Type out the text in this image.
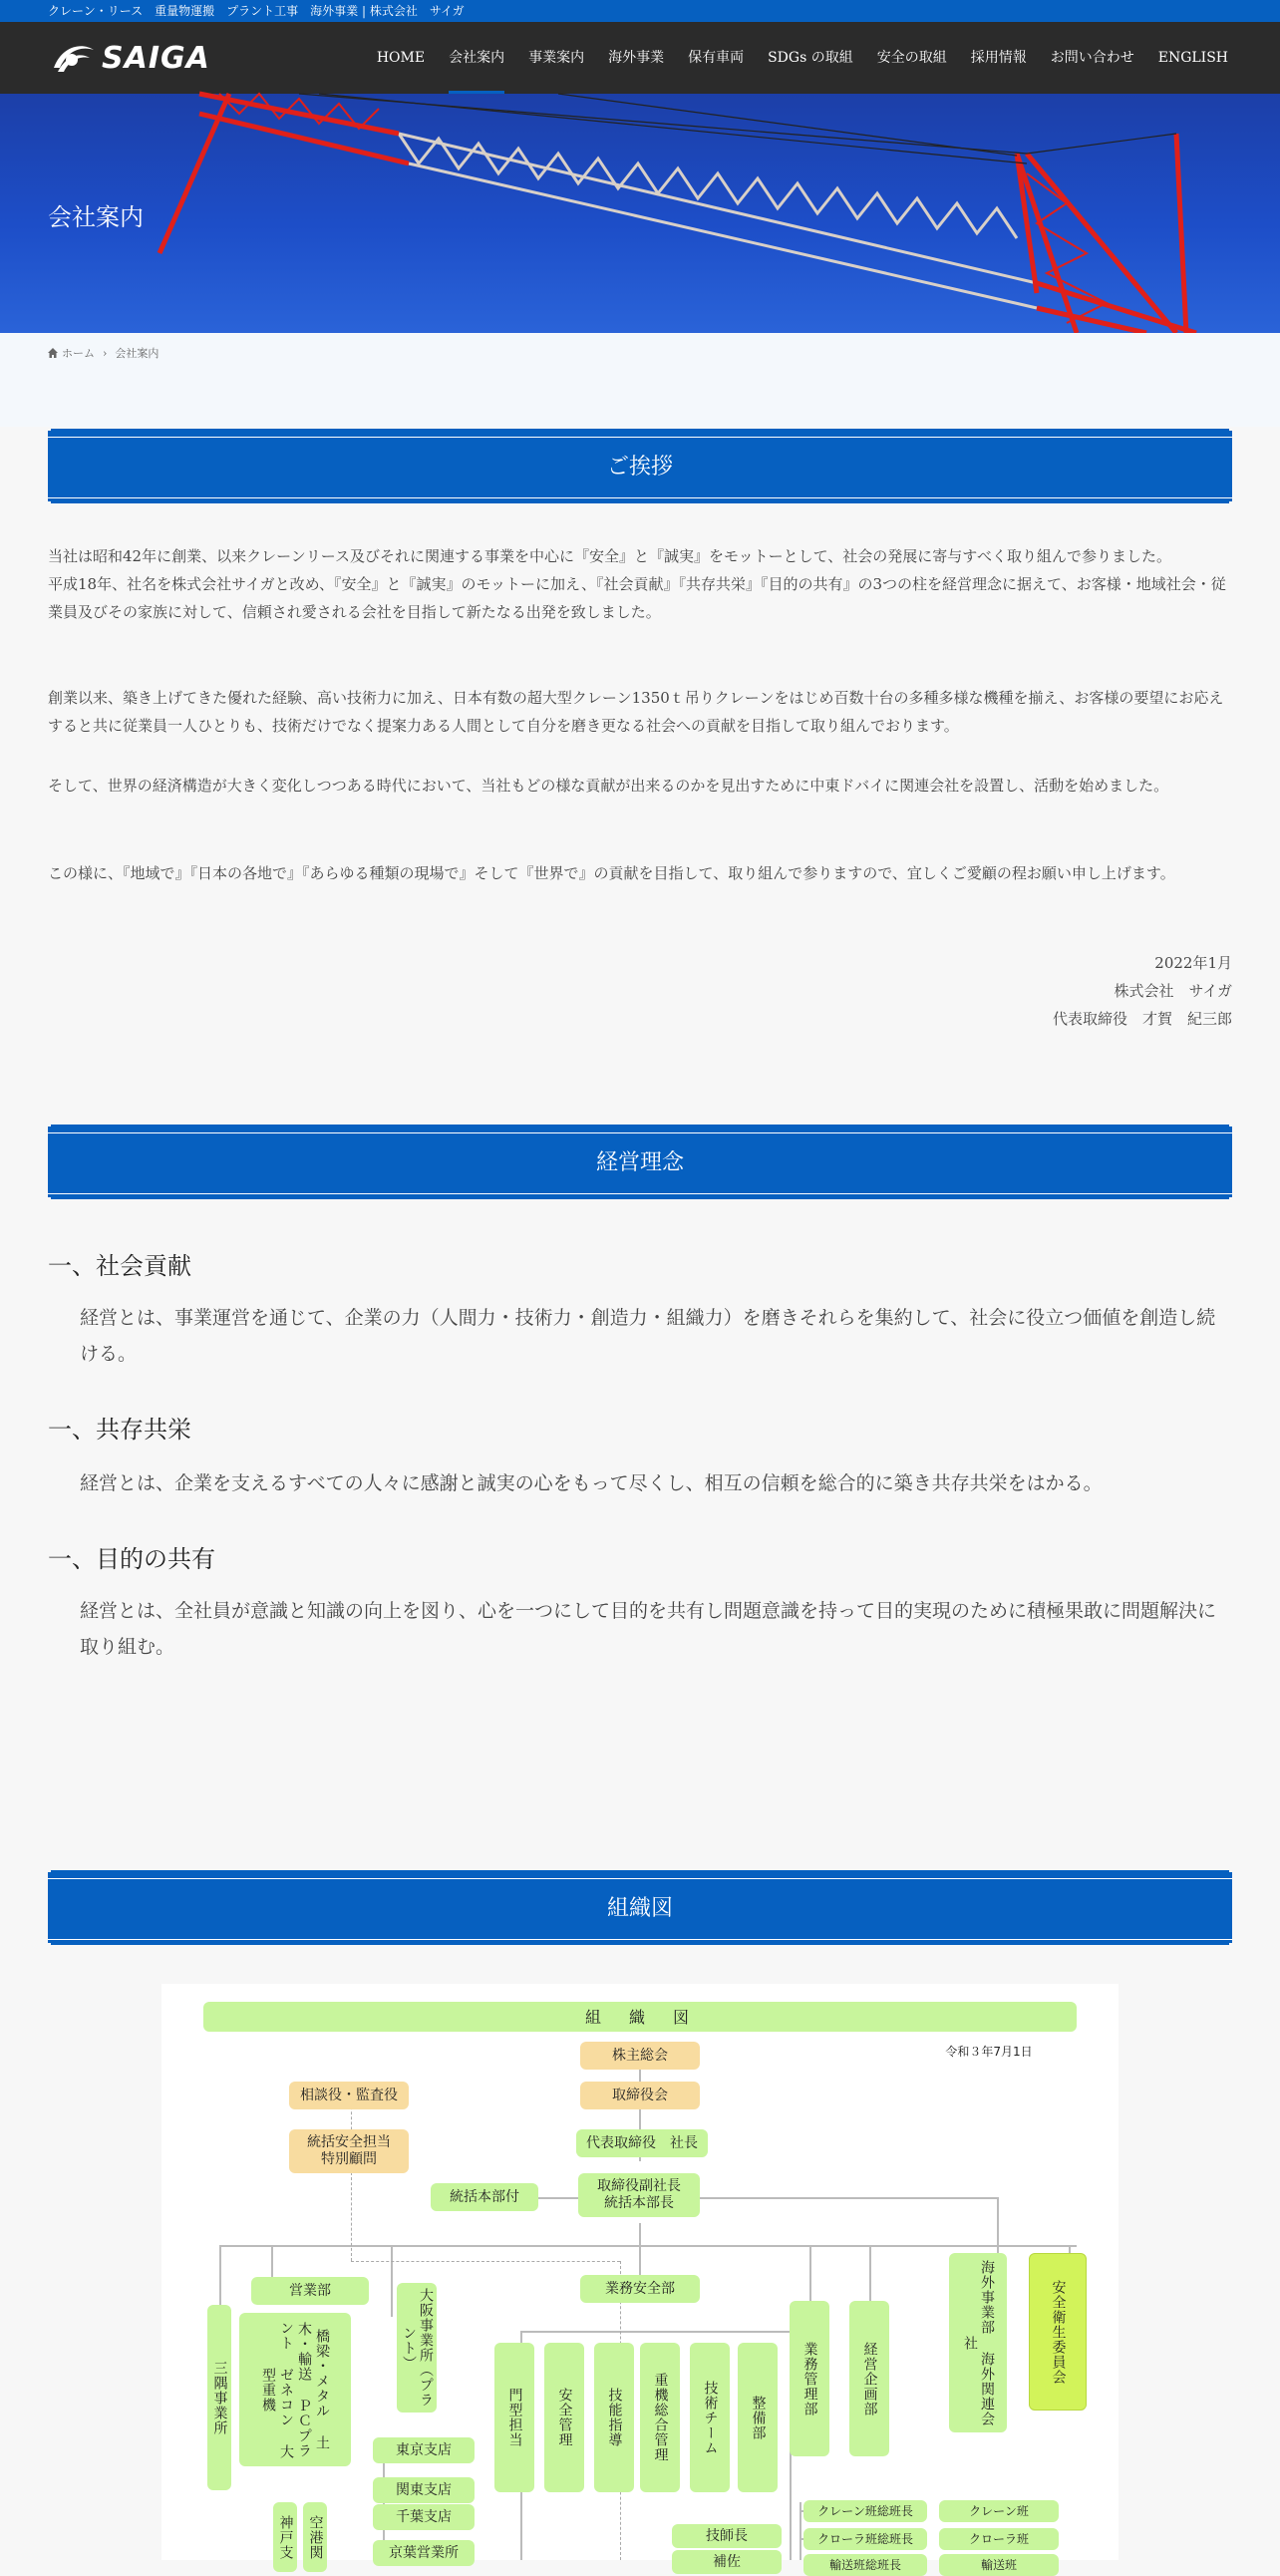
クレーン・リース　重量物運搬　プラント工事　海外事業 | 株式会社　サイガ
SAIGA	HOME	会社案内	事業案内	海外事業	保有車両	SDGs の取組	安全の取組	採用情報	お問い合わせ	ENGLISH
会社案内
ホーム › 会社案内
ご挨拶
当社は昭和42年に創業、以来クレーンリース及びそれに関連する事業を中心に『安全』と『誠実』をモットーとして、社会の発展に寄与すべく取り組んで参りました。
平成18年、社名を株式会社サイガと改め、『安全』と『誠実』のモットーに加え、『社会貢献』『共存共栄』『目的の共有』の3つの柱を経営理念に据えて、お客様・地域社会・従業員及びその家族に対して、信頼され愛される会社を目指して新たなる出発を致しました。
創業以来、築き上げてきた優れた経験、高い技術力に加え、日本有数の超大型クレーン1350ｔ吊りクレーンをはじめ百数十台の多種多様な機種を揃え、お客様の要望にお応えすると共に従業員一人ひとりも、技術だけでなく提案力ある人間として自分を磨き更なる社会への貢献を目指して取り組んでおります。
そして、世界の経済構造が大きく変化しつつある時代において、当社もどの様な貢献が出来るのかを見出すために中東ドバイに関連会社を設置し、活動を始めました。
この様に、『地域で』『日本の各地で』『あらゆる種類の現場で』そして『世界で』の貢献を目指して、取り組んで参りますので、宜しくご愛顧の程お願い申し上げます。
2022年1月
株式会社　サイガ
代表取締役　才賀　紀三郎
経営理念
一、社会貢献
経営とは、事業運営を通じて、企業の力（人間力・技術力・創造力・組織力）を磨きそれらを集約して、社会に役立つ価値を創造し続ける。
一、共存共栄
経営とは、企業を支えるすべての人々に感謝と誠実の心をもって尽くし、相互の信頼を総合的に築き共存共栄をはかる。
一、目的の共有
経営とは、全社員が意識と知識の向上を図り、心を一つにして目的を共有し問題意識を持って目的実現のために積極果敢に問題解決に取り組む。
組織図
組　織　図
令和３年7月1日
株主総会
取締役会
相談役・監査役
統括安全担当
特別顧問
代表取締役　社長
統括本部付
取締役副社長
統括本部長
海外事業部 海外関連会社	安全衛生委員会
営業部	業務安全部
三隅事業所	橋梁・メタル 土木・輸送 ＰＣプラント ゼネコン 大型重機	大阪事業所（プラント）
東京支店
関東支店
千葉支店
京葉営業所
神戸支 空港関
門型担当 安全管理 技能指導 重機総合管理 技術チーム 整備部
業務管理部	経営企画部
技師長
補佐
クレーン班総班長	クレーン班
クローラ班総班長	クローラ班
輸送班総班長	輸送班
